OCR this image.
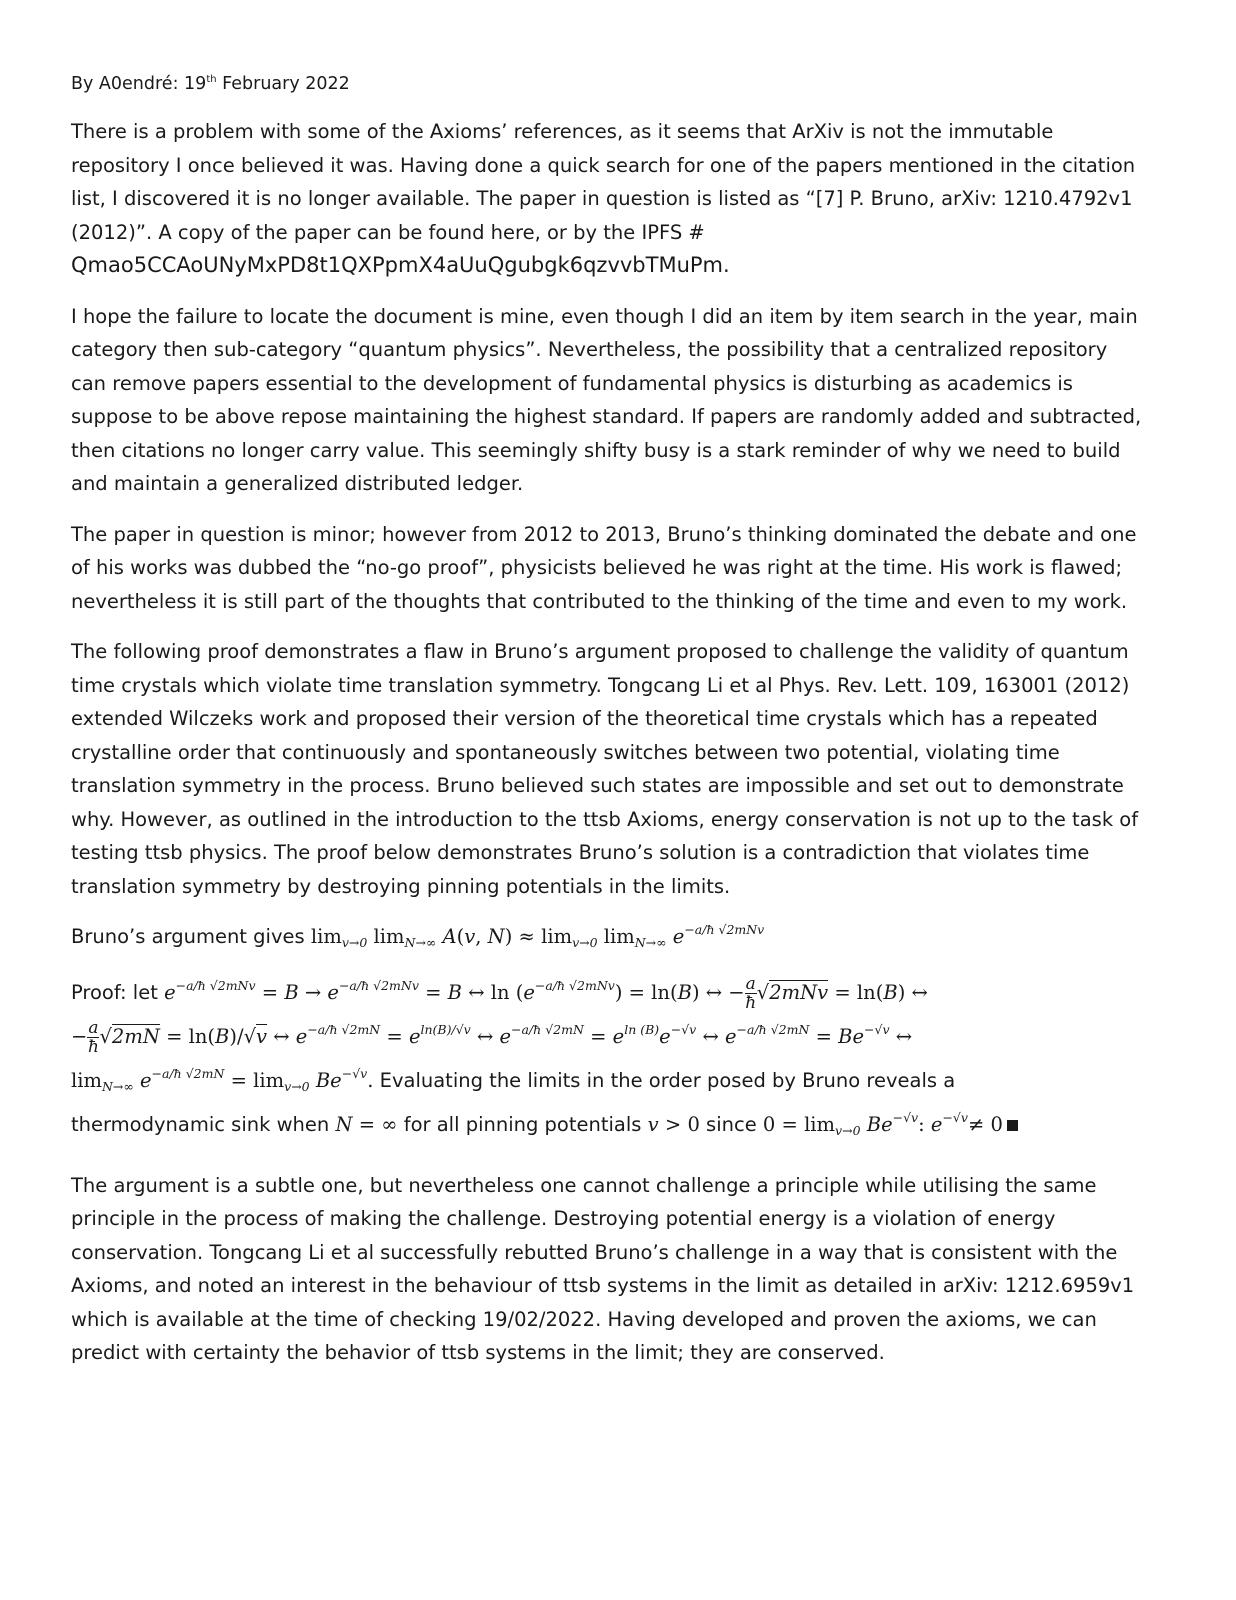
By A0endré: 19th February 2022

There is a problem with some of the Axioms’ references, as it seems that ArXiv is not the immutable repository I once believed it was. Having done a quick search for one of the papers mentioned in the citation list, I discovered it is no longer available. The paper in question is listed as “[7] P. Bruno, arXiv: 1210.4792v1 (2012)”. A copy of the paper can be found here, or by the IPFS #
Qmao5CCAoUNyMxPD8t1QXPpmX4aUuQgubgk6qzvvbTMuPm.

I hope the failure to locate the document is mine, even though I did an item by item search in the year, main category then sub-category “quantum physics”. Nevertheless, the possibility that a centralized repository can remove papers essential to the development of fundamental physics is disturbing as academics is suppose to be above repose maintaining the highest standard. If papers are randomly added and subtracted, then citations no longer carry value. This seemingly shifty busy is a stark reminder of why we need to build and maintain a generalized distributed ledger.

The paper in question is minor; however from 2012 to 2013, Bruno’s thinking dominated the debate and one of his works was dubbed the “no-go proof”, physicists believed he was right at the time. His work is flawed; nevertheless it is still part of the thoughts that contributed to the thinking of the time and even to my work.

The following proof demonstrates a flaw in Bruno’s argument proposed to challenge the validity of quantum time crystals which violate time translation symmetry. Tongcang Li et al Phys. Rev. Lett. 109, 163001 (2012) extended Wilczeks work and proposed their version of the theoretical time crystals which has a repeated crystalline order that continuously and spontaneously switches between two potential, violating time translation symmetry in the process. Bruno believed such states are impossible and set out to demonstrate why. However, as outlined in the introduction to the ttsb Axioms, energy conservation is not up to the task of testing ttsb physics. The proof below demonstrates Bruno’s solution is a contradiction that violates time translation symmetry by destroying pinning potentials in the limits.

Bruno’s argument gives $\lim_{v\to 0} \lim_{N\to\infty} A(v$, $N) \approx \lim_{v\to 0} \lim_{N\to\infty} e^{-a/ħ √2mNv}$

Proof: let $e^{-a/ħ √2mNv} = B \to e^{-a/ħ √2mNv} = B$ ↔ $\ln (e^{-a/ħ √2mNv}) = \ln(B)$ ↔ − $\frac{a}{ħ} √2mNv = \ln(B)$ ↔
− $\frac{a}{ħ} √2mN = \ln(B)/√v$ ↔ $e^{-a/ħ √2mN} = e^{ln(B)/√v}$ ↔ $e^{-a/ħ √2mN} = e^{ln (B)}e^{-√v}$ ↔ $e^{-a/ħ √2mN} = Be^{-√v}$ ↔
$\lim_{N\to\infty} e^{-a/ħ √2mN} = \lim_{v\to 0} Be^{-√v}$. Evaluating the limits in the order posed by Bruno reveals a
thermodynamic sink when N = ∞ for all pinning potentials v > 0 since $0 = \lim_{v\to 0} Be^{-√v}$: $e^{-√v}\ne 0$

The argument is a subtle one, but nevertheless one cannot challenge a principle while utilising the same principle in the process of making the challenge. Destroying potential energy is a violation of energy conservation. Tongcang Li et al successfully rebutted Bruno’s challenge in a way that is consistent with the Axioms, and noted an interest in the behaviour of ttsb systems in the limit as detailed in arXiv: 1212.6959v1 which is available at the time of checking 19/02/2022. Having developed and proven the axioms, we can predict with certainty the behavior of ttsb systems in the limit; they are conserved.
